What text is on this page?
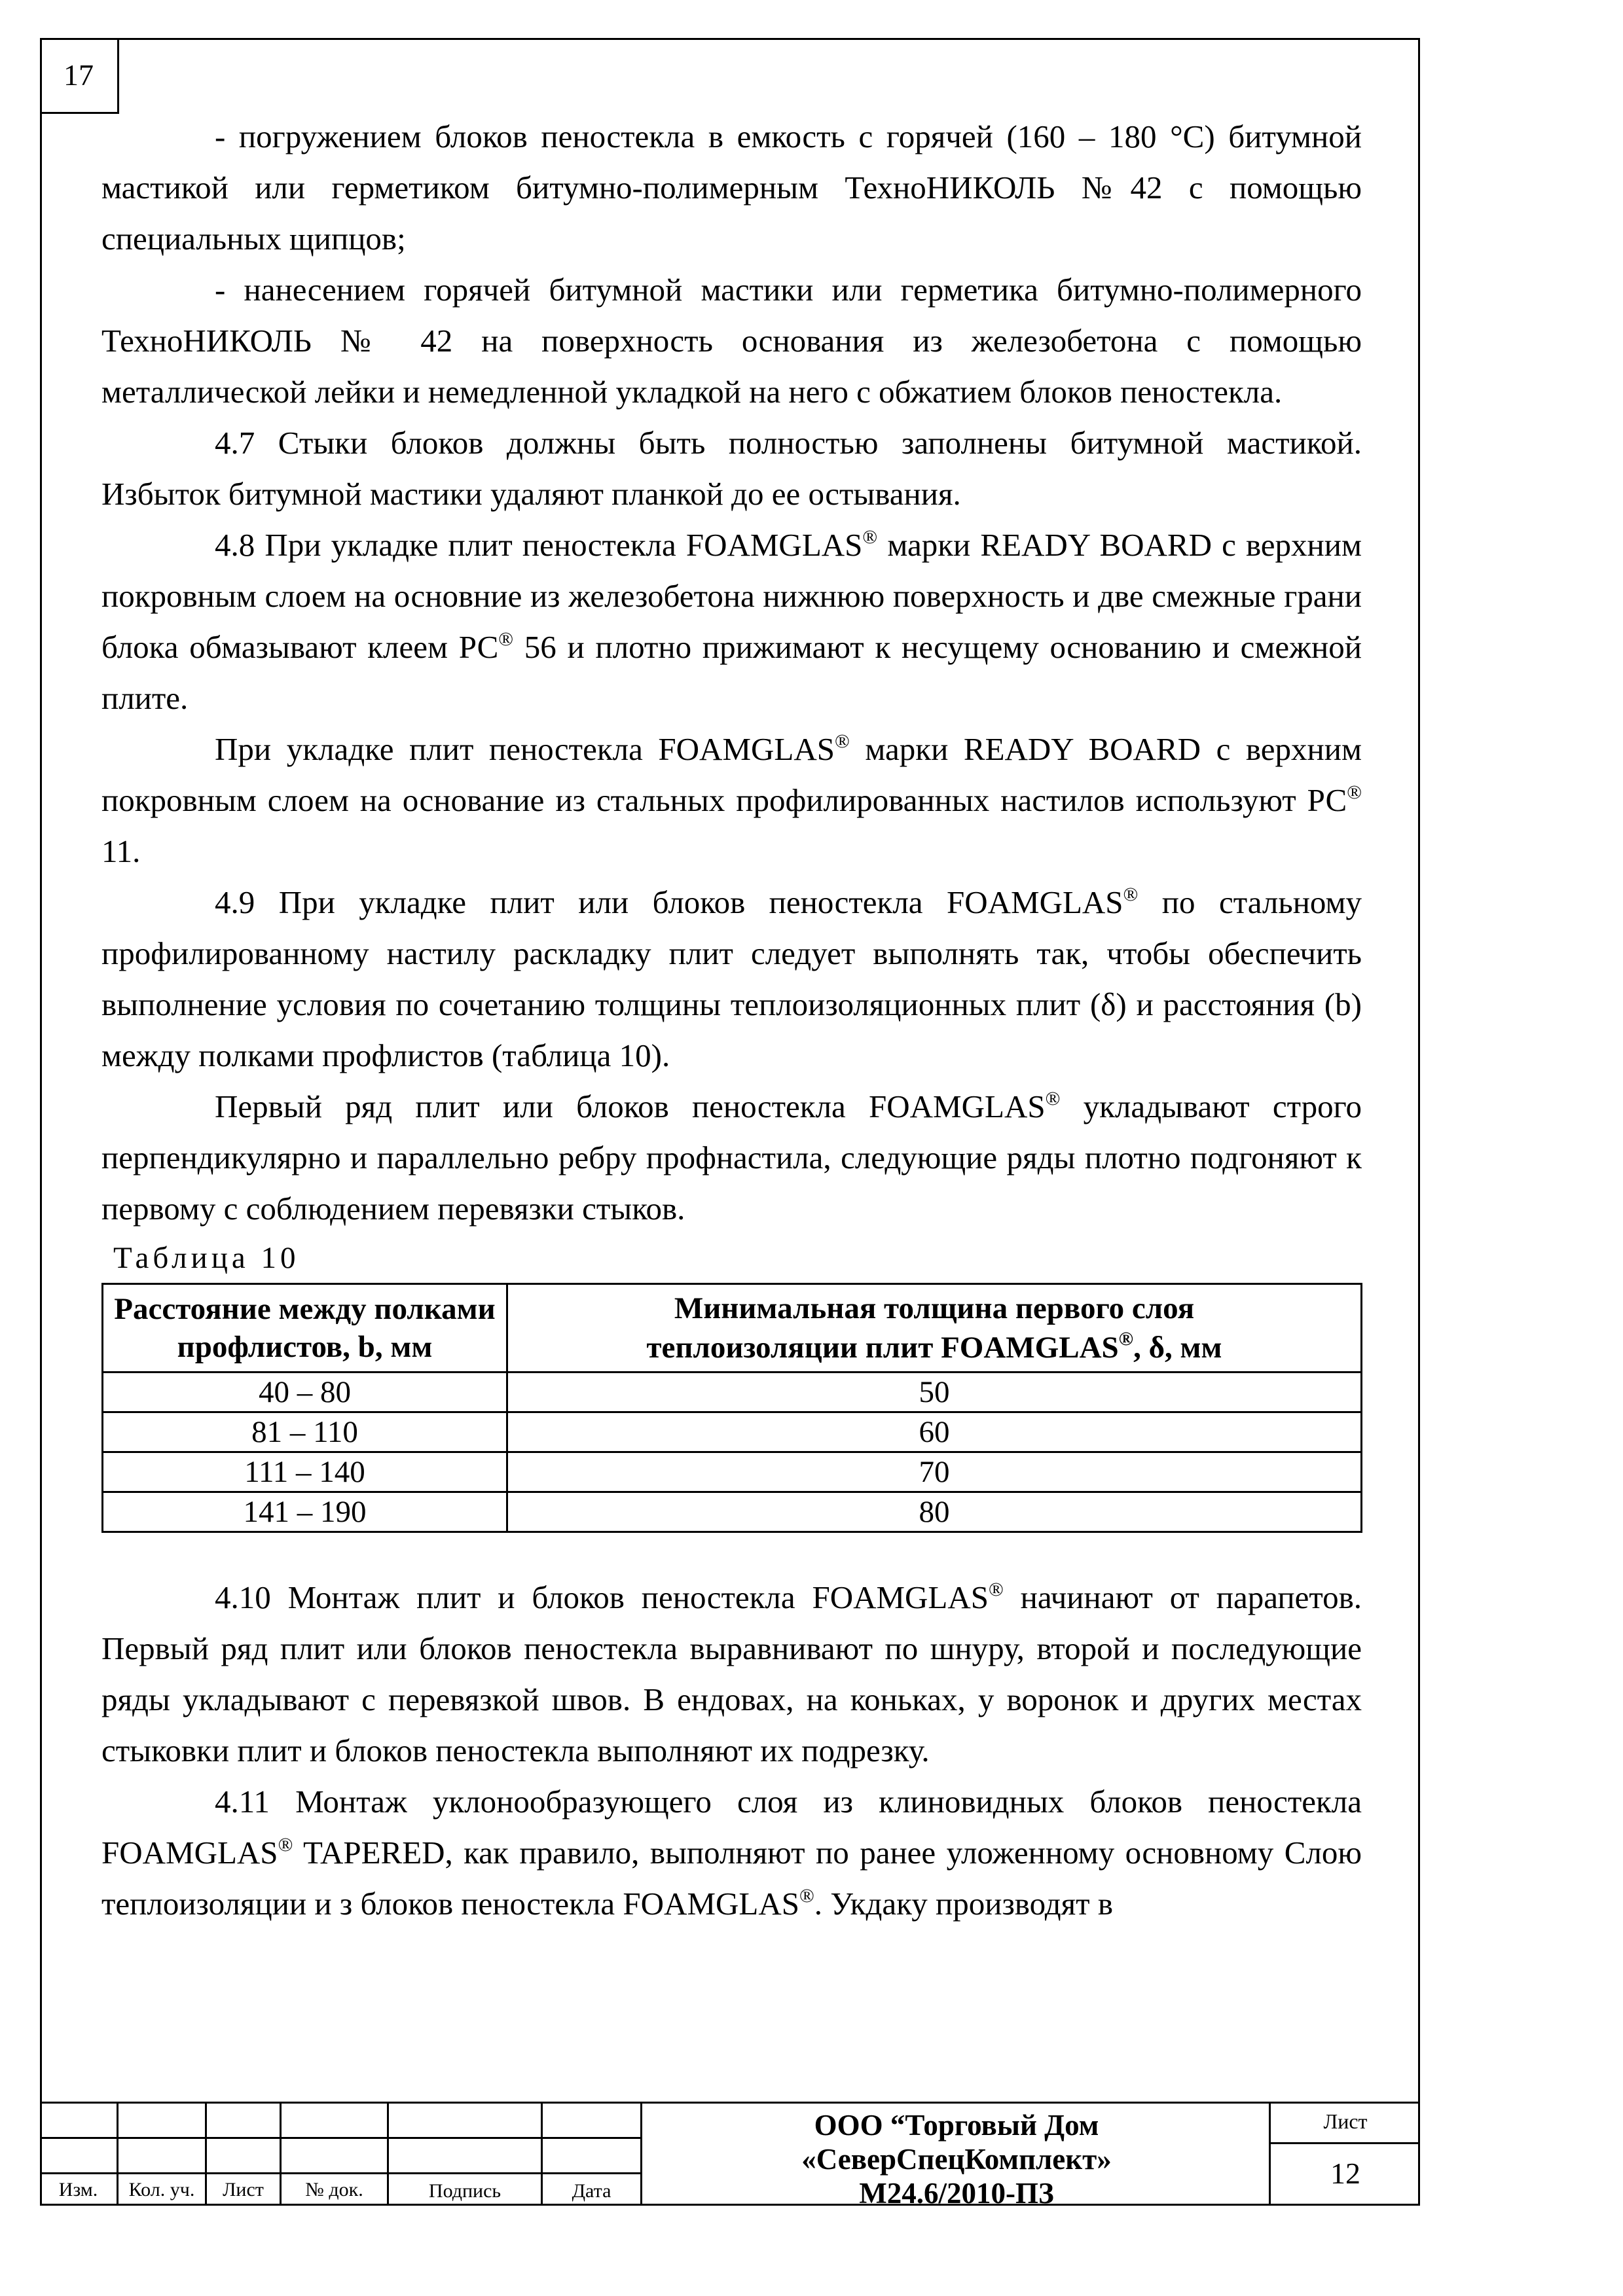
17

- погружением блоков пеностекла в емкость с горячей (160 – 180 °С) битумной мастикой или герметиком битумно-полимерным ТехноНИКОЛЬ №42 с помощью специальных щипцов;

- нанесением горячей битумной мастики или герметика битумно-полимерного ТехноНИКОЛЬ № 42 на поверхность основания из железобетона с помощью металлической лейки и немедленной укладкой на него с обжатием блоков пеностекла.

4.7 Стыки блоков должны быть полностью заполнены битумной мастикой. Избыток битумной мастики удаляют планкой до ее остывания.

4.8 При укладке плит пеностекла FOAMGLAS® марки READY BOARD с верхним покровным слоем на основние из железобетона нижнюю поверхность и две смежные грани блока обмазывают клеем РС® 56 и плотно прижимают к несущему основанию и смежной плите.

При укладке плит пеностекла FOAMGLAS® марки READY BOARD с верхним покровным слоем на основание из стальных профилированных настилов используют РС® 11.

4.9 При укладке плит или блоков пеностекла FOAMGLAS® по стальному профилированному настилу раскладку плит следует выполнять так, чтобы обеспечить выполнение условия по сочетанию толщины теплоизоляционных плит (δ) и расстояния (b) между полками профлистов (таблица 10).

Первый ряд плит или блоков пеностекла FOAMGLAS® укладывают строго перпендикулярно и параллельно ребру профнастила, следующие ряды плотно подгоняют к первому с соблюдением перевязки стыков.

Таблица 10

Расстояние между полками профлистов, b, мм	Минимальная толщина первого слоя
теплоизоляции плит FOAMGLAS®, δ, мм

40 – 80	50
81 – 110	60
111 – 140	70
141 – 190	80

4.10 Монтаж плит и блоков пеностекла FOAMGLAS® начинают от парапетов. Первый ряд плит или блоков пеностекла выравнивают по шнуру, второй и последующие ряды укладывают с перевязкой швов. В ендовах, на коньках, у воронок и других местах стыковки плит и блоков пеностекла выполняют их подрезку.

4.11 Монтаж уклонообразующего слоя из клиновидных блоков пеностекла FOAMGLAS® TAPERED, как правило, выполняют по ранее уложенному основному Слою теплоизоляции и з блоков пеностекла FOAMGLAS®. Укдаку производят в

Изм.	Кол. уч.	Лист	№ док.	Подпись	Дата
ООО “Торговый Дом
«СеверСпецКомплект»
М24.6/2010-ПЗ
Лист
12
